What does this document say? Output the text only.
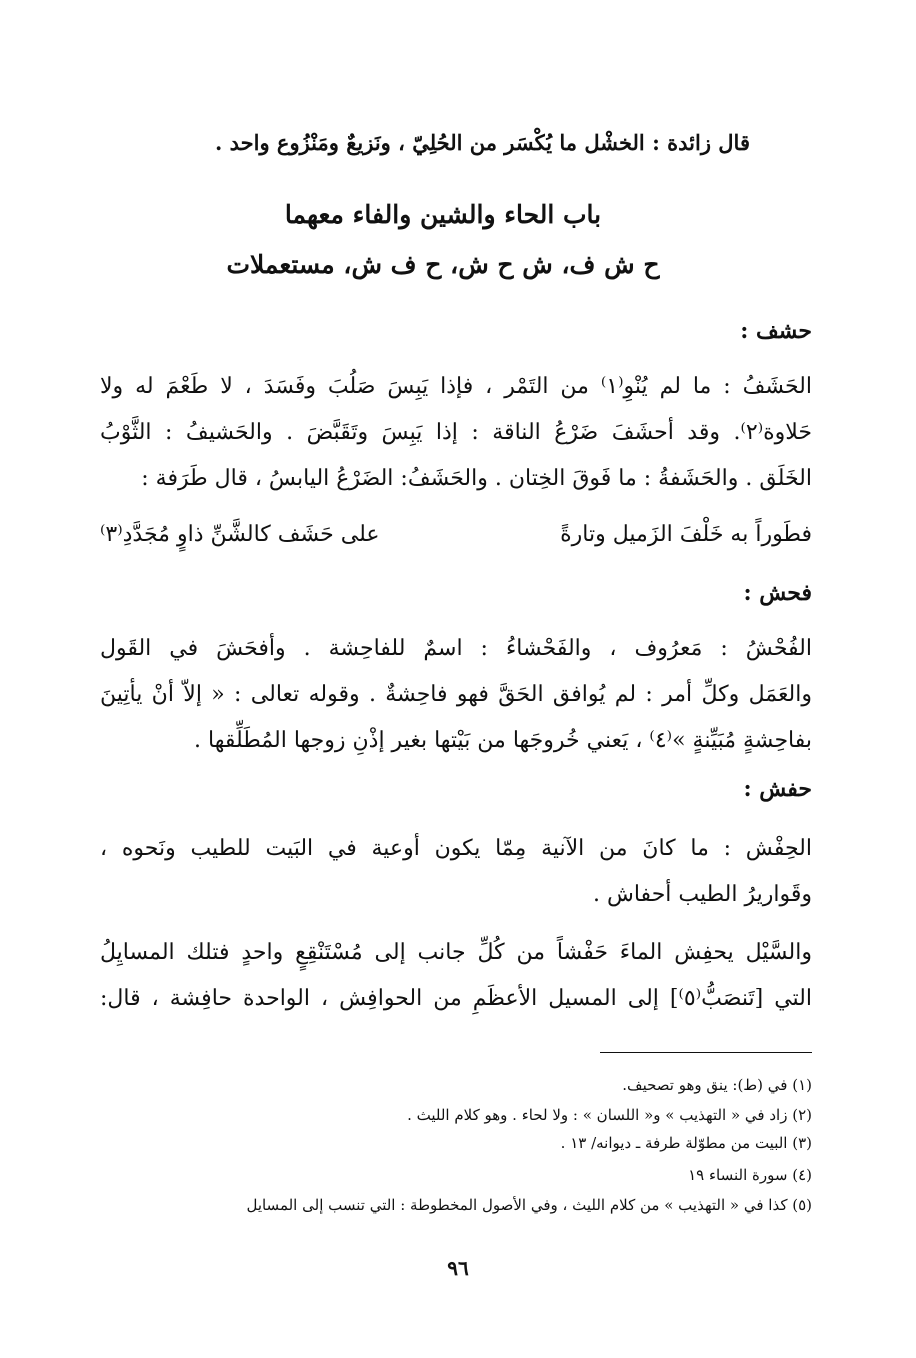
قال زائدة : الخشْل ما يُكْسَر من الحُلِيّ ، ونَزيعٌ ومَنْزُوع واحد .
باب الحاء والشين والفاء معهما
ح ش ف، ش ح ش، ح ف ش، مستعملات
حشف :
الحَشَفُ : ما لم يُنْوِ⁽١⁾ من التَمْر ، فإذا يَبِسَ صَلُبَ وفَسَدَ ، لا طَعْمَ له ولا
حَلاوة⁽٢⁾. وقد أحشَفَ ضَرْعُ الناقة : إذا يَبِسَ وتَقَبَّضَ . والحَشيفُ : الثَّوْبُ
الخَلَق . والحَشَفةُ : ما فَوقَ الخِتان . والحَشَفُ: الضَرْعُ اليابسُ ، قال طَرَفة :
فطَوراً به خَلْفَ الزَميل وتارةً
على حَشَف كالشَّنِّ ذاوٍ مُجَدَّدِ⁽٣⁾
فحش :
الفُحْشُ : مَعرُوف ، والفَحْشاءُ : اسمٌ للفاحِشة . وأفحَشَ في القَول
والعَمَل وكلِّ أمر : لم يُوافق الحَقَّ فهو فاحِشةٌ . وقوله تعالى : « إلاّ أنْ يأتِينَ
بفاحِشةٍ مُبَيِّنةٍ »⁽٤⁾ ، يَعني خُروجَها من بَيْتها بغير إذْنِ زوجها المُطَلِّقها .
حفش :
الحِفْش : ما كانَ من الآنية مِمّا يكون أوعية في البَيت للطيب ونَحوه ،
وقَواريرُ الطيب أحفاش .
والسَّيْل يحفِش الماءَ حَفْشاً من كُلِّ جانب إلى مُسْتَنْقِعٍ واحدٍ فتلك المسايِلُ
التي [تَنصَبُّ⁽٥⁾] إلى المسيل الأعظَمِ من الحوافِش ، الواحدة حافِشة ، قال:
(١) في (ط): ينق وهو تصحيف.
(٢) زاد في « التهذيب » و« اللسان » : ولا لحاء . وهو كلام الليث .
(٣) البيت من مطوّلة طرفة ـ ديوانه/ ١٣ .
(٤) سورة النساء ١٩
(٥) كذا في « التهذيب » من كلام الليث ، وفي الأصول المخطوطة : التي تنسب إلى المسايل
٩٦
